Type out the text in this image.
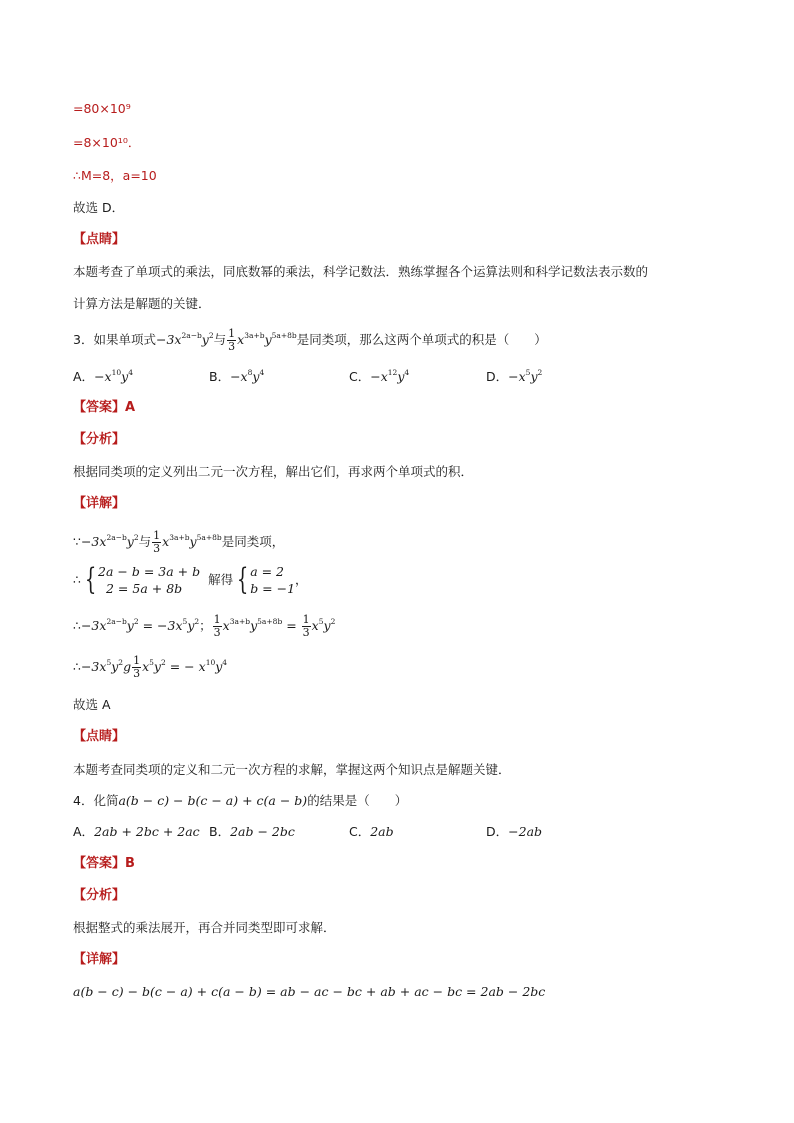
=80×10⁹
=8×10¹⁰．
∴M=8，a=10
故选 D．
【点睛】
本题考查了单项式的乘法，同底数幂的乘法，科学记数法．熟练掌握各个运算法则和科学记数法表示数的
计算方法是解题的关键．
3．如果单项式$-3x^{2a-b}y^2$与 $\frac{1}{3} x^{3a+b}y^{5a+8b}$是同类项，那么这两个单项式的积是（　　）
A．$-x^{10}y^4$	B．$-x^8y^4$	C．$-x^{12}y^4$	D．$-x^5y^2$
【答案】A
【分析】
根据同类项的定义列出二元一次方程，解出它们，再求两个单项式的积．
【详解】
$\because-3x^{2a-b}y^2$与 $\frac{1}{3} x^{3a+b}y^{5a+8b}$是同类项，
∴ { 2a − b = 3a + b
2 = 5a + 8b  解得 { a = 2
b = −1，
$\therefore-3x^{2a-b}y^2 = -3x^5y^2$； $\frac{1}{3} x^{3a+b}y^{5a+8b} = \frac{1}{3} x^5y^2$
$\therefore-3x^5y^2g \frac{1}{3} x^5y^2$ = − $x^{10}y^4$
故选 A
【点睛】
本题考查同类项的定义和二元一次方程的求解，掌握这两个知识点是解题关键．
4．化简a(b − c) − b(c − a) + c(a − b)的结果是（　　）
A．2ab + 2bc + 2ac B．2ab − 2bc	C．2ab	D．−2ab
【答案】B
【分析】
根据整式的乘法展开，再合并同类型即可求解．
【详解】
a(b − c) − b(c − a) + c(a − b) = ab − ac − bc + ab + ac − bc = 2ab − 2bc
